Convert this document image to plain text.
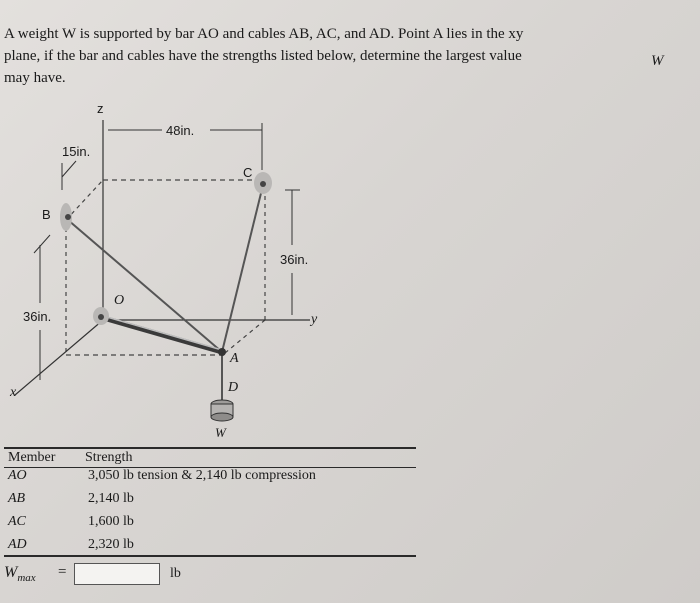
A weight W is supported by bar AO and cables AB, AC, and AD. Point A lies in the xy
plane, if the bar and cables have the strengths listed below, determine the largest value
may have.
W
z
48in.
15in.
C
B
36in.
O
36in.	y
A
D
x
W
Member Strength
AO	3,050 lb tension & 2,140 lb compression
AB	2,140 lb
AC	1,600 lb
AD	2,320 lb
$W_{max}$ =	lb
